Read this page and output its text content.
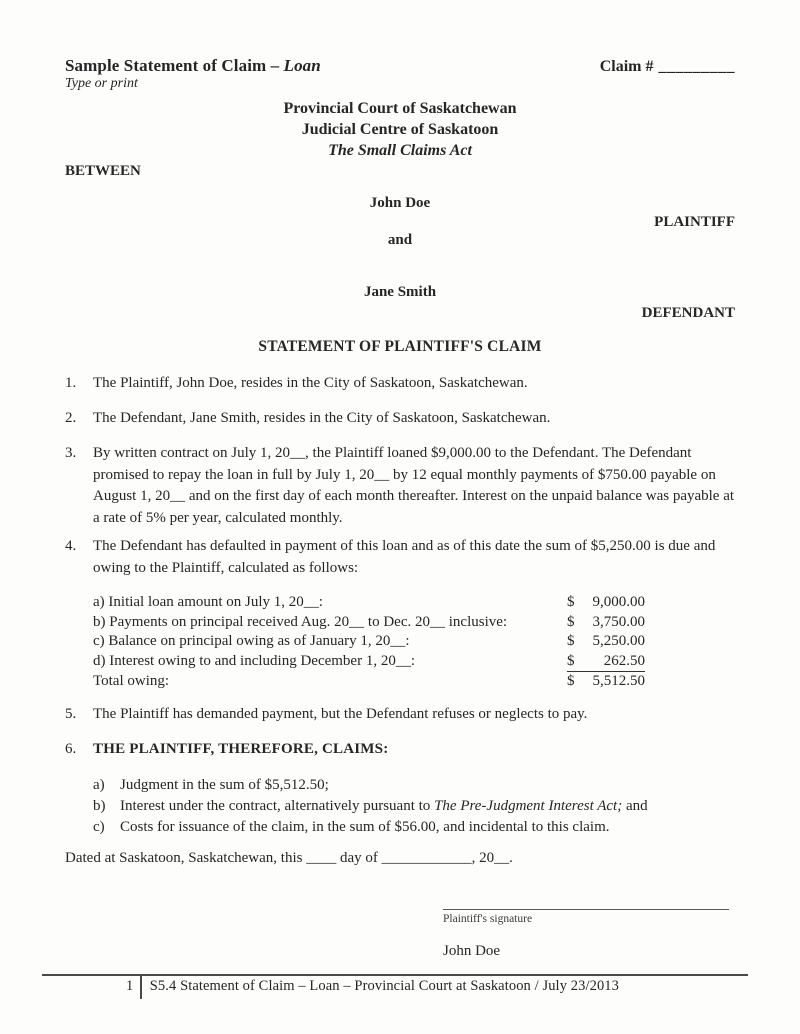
Sample Statement of Claim – Loan	Claim # _________
Type or print
Provincial Court of Saskatchewan
Judicial Centre of Saskatoon
The Small Claims Act
BETWEEN
John Doe
PLAINTIFF
and
Jane Smith
DEFENDANT
STATEMENT OF PLAINTIFF'S CLAIM
1.	The Plaintiff, John Doe, resides in the City of Saskatoon, Saskatchewan.
2.	The Defendant, Jane Smith, resides in the City of Saskatoon, Saskatchewan.
3.	By written contract on July 1, 20__, the Plaintiff loaned $9,000.00 to the Defendant. The Defendant promised to repay the loan in full by July 1, 20__ by 12 equal monthly payments of $750.00 payable on August 1, 20__ and on the first day of each month thereafter. Interest on the unpaid balance was payable at a rate of 5% per year, calculated monthly.
4.	The Defendant has defaulted in payment of this loan and as of this date the sum of $5,250.00 is due and owing to the Plaintiff, calculated as follows:
a) Initial loan amount on July 1, 20__:	$ 9,000.00
b) Payments on principal received Aug. 20__ to Dec. 20__ inclusive:	$ 3,750.00
c) Balance on principal owing as of January 1, 20__:	$ 5,250.00
d) Interest owing to and including December 1, 20__:	$ 262.50
Total owing:	$ 5,512.50
5.	The Plaintiff has demanded payment, but the Defendant refuses or neglects to pay.
6.	THE PLAINTIFF, THEREFORE, CLAIMS:
a)	Judgment in the sum of $5,512.50;
b) Interest under the contract, alternatively pursuant to The Pre-Judgment Interest Act; and
c)	Costs for issuance of the claim, in the sum of $56.00, and incidental to this claim.
Dated at Saskatoon, Saskatchewan, this ____ day of ____________, 20__.
Plaintiff's signature
John Doe
1 S5.4 Statement of Claim – Loan – Provincial Court at Saskatoon / July 23/2013
